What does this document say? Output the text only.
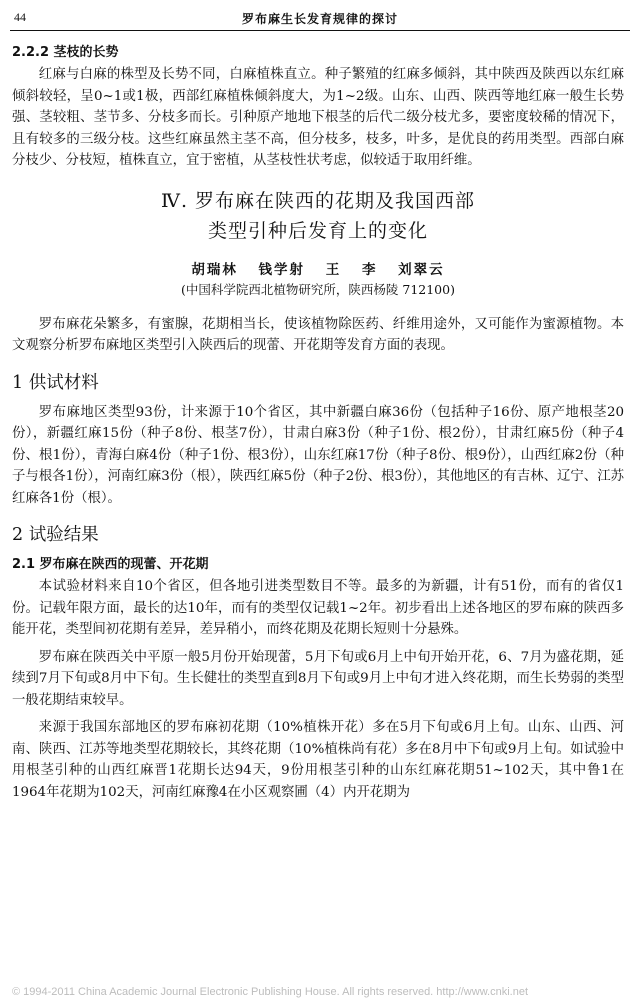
44	罗布麻生长发育规律的探讨
2.2.2 茎枝的长势

红麻与白麻的株型及长势不同，白麻植株直立。种子繁殖的红麻多倾斜，其中陕西及陕西以东红麻倾斜较轻，呈0~1或1极，西部红麻植株倾斜度大，为1~2级。山东、山西、陕西等地红麻一般生长势强、茎较粗、茎节多、分枝多而长。引种原产地地下根茎的后代二级分枝尤多，要密度较稀的情况下，且有较多的三级分枝。这些红麻虽然主茎不高，但分枝多，枝多，叶多，是优良的药用类型。西部白麻分枝少、分枝短，植株直立，宜于密植，从茎枝性状考虑，似较适于取用纤维。

Ⅳ. 罗布麻在陕西的花期及我国西部
类型引种后发育上的变化
胡瑞林 钱学射 王 李 刘翠云
(中国科学院西北植物研究所，陕西杨陵 712100)

罗布麻花朵繁多，有蜜腺，花期相当长，使该植物除医药、纤维用途外，又可能作为蜜源植物。本文观察分析罗布麻地区类型引入陕西后的现蕾、开花期等发育方面的表现。

1 供试材料

罗布麻地区类型93份，计来源于10个省区，其中新疆白麻36份（包括种子16份、原产地根茎20份），新疆红麻15份（种子8份、根茎7份），甘肃白麻3份（种子1份、根2份），甘肃红麻5份（种子4份、根1份），青海白麻4份（种子1份、根3份），山东红麻17份（种子8份、根9份），山西红麻2份（种子与根各1份），河南红麻3份（根），陕西红麻5份（种子2份、根3份），其他地区的有吉林、辽宁、江苏红麻各1份（根）。

2 试验结果
2.1 罗布麻在陕西的现蕾、开花期

本试验材料来自10个省区，但各地引进类型数目不等。最多的为新疆，计有51份，而有的省仅1份。记载年限方面，最长的达10年，而有的类型仅记载1~2年。初步看出上述各地区的罗布麻的陕西多能开花，类型间初花期有差异，差异稍小，而终花期及花期长短则十分悬殊。

罗布麻在陕西关中平原一般5月份开始现蕾，5月下旬或6月上中旬开始开花，6、7月为盛花期，延续到7月下旬或8月中下旬。生长健壮的类型直到8月下旬或9月上中旬才进入终花期，而生长势弱的类型一般花期结束较早。

来源于我国东部地区的罗布麻初花期（10%植株开花）多在5月下旬或6月上旬。山东、山西、河南、陕西、江苏等地类型花期较长，其终花期（10%植株尚有花）多在8月中下旬或9月上旬。如试验中用根茎引种的山西红麻晋1花期长达94天，9份用根茎引种的山东红麻花期51~102天，其中鲁1在1964年花期为102天，河南红麻豫4在小区观察圃（4）内开花期为

© 1994-2011 China Academic Journal Electronic Publishing House. All rights reserved. http://www.cnki.net
